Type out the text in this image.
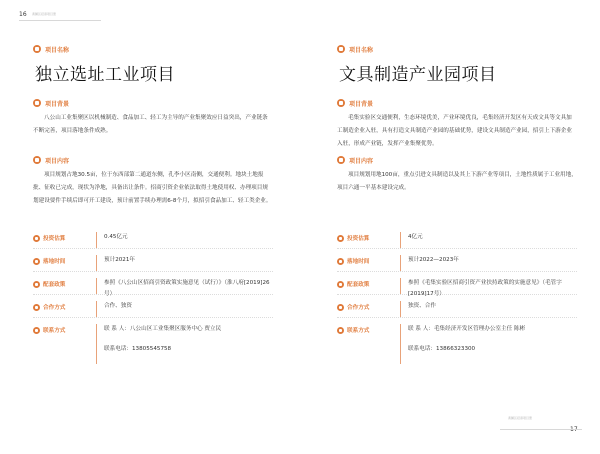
16 黄麓区招商项目册
黄麓区招商项目册
项目名称
独立选址工业项目
项目背景

八公山工业集聚区以机械制造、食品加工、轻工为主导的产业集聚效应日益突出，产业链条不断完善，项目落地条件成熟。

项目内容

项目规划占地30.5亩，位于东西部第二通道东侧，孔李小区南侧，交通便利。地块土地报批、征收已完成，现状为净地，具备出让条件。招商引资企业依法取得土地使用权、办理项目规划建设要件手续后即可开工建设，预计前置手续办理需6-8个月，拟招引食品加工、轻工类企业。

投资估算	0.45亿元
落地时间	预计2021年
配套政策	参照《八公山区招商引资政策实施意见（试行）》（淮八府[2019]26号）
合作方式	合作、独资
联系方式	联 系 人：八公山区工业集聚区服务中心 贾立民
联系电话：13805545758
项目名称
文具制造产业园项目
项目背景

毛集实验区交通便利，生态环境优美，产业环境优良，毛集经济开发区有天成文具等文具加工制造企业入驻，具有打造文具制造产业园的基础优势，建设文具制造产业园，招引上下游企业入驻，形成产业链，发挥产业集聚优势。

项目内容

项目规划用地100亩，重点引进文具制造以及其上下游产业等项目，土地性质属于工业用地，项目六通一平基本建设完成。

投资估算	4亿元
落地时间	预计2022—2023年
配套政策	参照《毛集实验区招商引资产业扶持政策的实施意见》（毛管字[2019]17号）
合作方式	独资、合作
联系方式	联 系 人：毛集经济开发区管理办公室主任 陈彬
联系电话：13866323300
